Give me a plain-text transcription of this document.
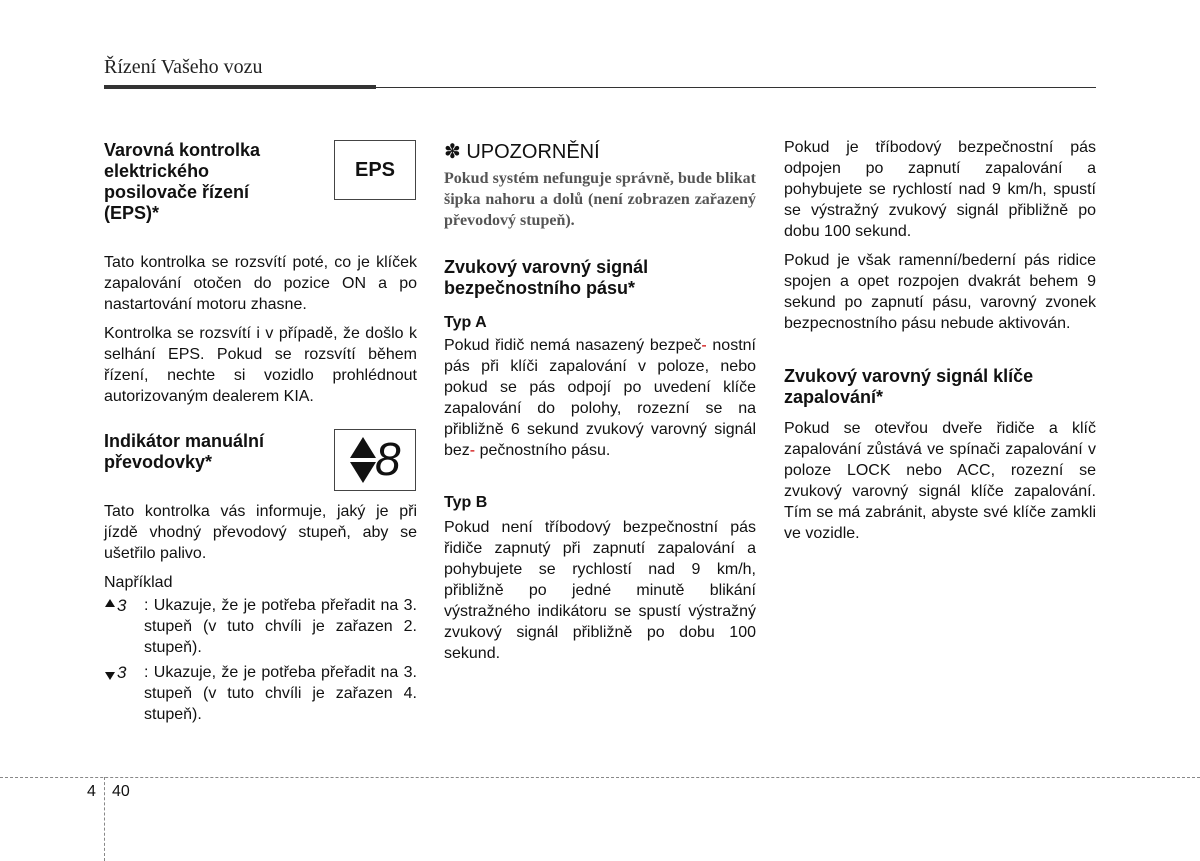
Řízení Vašeho vozu
Varovná kontrolka elektrického posilovače řízení (EPS)*
EPS

Tato kontrolka se rozsvítí poté, co je klíček zapalování otočen do pozice ON a po nastartování motoru zhasne.

Kontrolka se rozsvítí i v případě, že došlo k selhání EPS. Pokud se rozsvítí během řízení, nechte si vozidlo prohlédnout autorizovaným dealerem KIA.

Indikátor manuální převodovky*	8

Tato kontrolka vás informuje, jaký je při jízdě vhodný převodový stupeň, aby se ušetřilo palivo.

Například

3 : Ukazuje, že je potřeba přeřadit na 3. stupeň (v tuto chvíli je zařazen 2. stupeň).
3 : Ukazuje, že je potřeba přeřadit na 3. stupeň (v tuto chvíli je zařazen 4. stupeň).
✽ UPOZORNĚNÍ

Pokud systém nefunguje správně, bude blikat šipka nahoru a dolů (není zobrazen zařazený převodový stupeň).

Zvukový varovný signál bezpečnostního pásu*
Typ A

Pokud řidič nemá nasazený bezpeč- nostní pás při klíči zapalování v poloze, nebo pokud se pás odpojí po uvedení klíče zapalování do polohy, rozezní se na přibližně 6 sekund zvukový varovný signál bez- pečnostního pásu.

Typ B

Pokud není tříbodový bezpečnostní pás řidiče zapnutý při zapnutí zapalování a pohybujete se rychlostí nad 9 km/h, přibližně po jedné minutě blikání výstražného indikátoru se spustí výstražný zvukový signál přibližně po dobu 100 sekund.

Pokud je tříbodový bezpečnostní pás odpojen po zapnutí zapalování a pohybujete se rychlostí nad 9 km/h, spustí se výstražný zvukový signál přibližně po dobu 100 sekund.

Pokud je však ramenní/bederní pás ridice spojen a opet rozpojen dvakrát behem 9 sekund po zapnutí pásu, varovný zvonek bezpecnostního pásu nebude aktivován.

Zvukový varovný signál klíče zapalování*

Pokud se otevřou dveře řidiče a klíč zapalování zůstává ve spínači zapalování v poloze LOCK nebo ACC, rozezní se zvukový varovný signál klíče zapalování. Tím se má zabránit, abyste své klíče zamkli ve vozidle.

4 40
